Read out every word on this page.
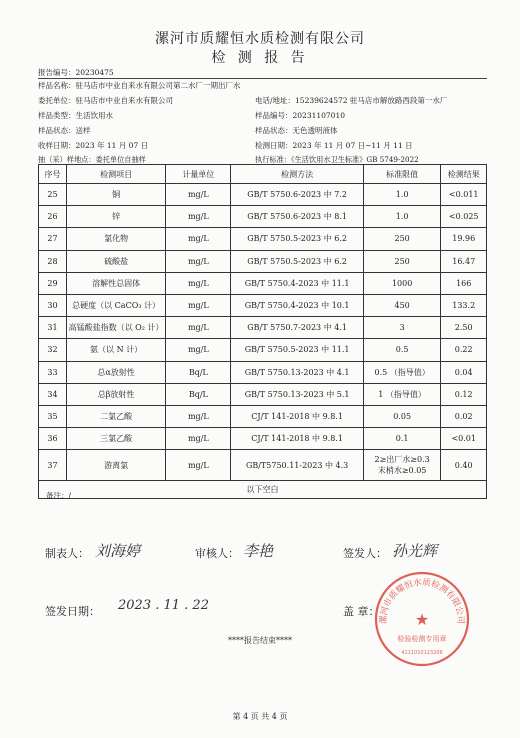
漯河市质耀恒水质检测有限公司
检 测 报 告
报告编号：20230475
样品名称：驻马店市中业自来水有限公司第二水厂一期出厂水
委托单位：驻马店市中业自来水有限公司	电话/地址：15239624572 驻马店市解放路西段第一水厂
样品类型：生活饮用水	样品编号：20231107010
样品状态：送样	样品状态：无色透明液体
收样日期：2023 年 11 月 07 日	检测日期：2023 年 11 月 07 日~11 月 11 日
抽（采）样地点：委托单位自抽样	执行标准：《生活饮用水卫生标准》GB 5749-2022
序号	检测项目	计量单位	检测方法	标准限值	检测结果
25	铜	mg/L	GB/T 5750.6-2023 中 7.2	1.0	<0.011
26	锌	mg/L	GB/T 5750.6-2023 中 8.1	1.0	<0.025
27	氯化物	mg/L	GB/T 5750.5-2023 中 6.2	250	19.96
28	硫酸盐	mg/L	GB/T 5750.5-2023 中 6.2	250	16.47
29	溶解性总固体	mg/L	GB/T 5750.4-2023 中 11.1	1000	166
30	总硬度（以 CaCO₃ 计）	mg/L	GB/T 5750.4-2023 中 10.1	450	133.2
31	高锰酸盐指数（以 O₂ 计）	mg/L	GB/T 5750.7-2023 中 4.1	3	2.50
32	氨（以 N 计）	mg/L	GB/T 5750.5-2023 中 11.1	0.5	0.22
33	总α放射性	Bq/L	GB/T 5750.13-2023 中 4.1	0.5 （指导值）	0.04
34	总β放射性	Bq/L	GB/T 5750.13-2023 中 5.1	1 （指导值）	0.12
35	二氯乙酸	mg/L	CJ/T 141-2018 中 9.8.1	0.05	0.02
36	三氯乙酸	mg/L	CJ/T 141-2018 中 9.8.1	0.1	<0.01
37	游离氯	mg/L	GB/T5750.11-2023 中 4.3	2≥出厂水≥0.3
末梢水≥0.05	0.40
以下空白					
备注：/
制表人： 刘海婷	审核人： 李艳	签发人： 孙光辉
签发日期： 2023 . 11 . 22	盖 章：
漯河市质耀恒水质检测有限公司
★
检验检测专用章
4111010123206
****报告结束****
第 4 页 共 4 页
